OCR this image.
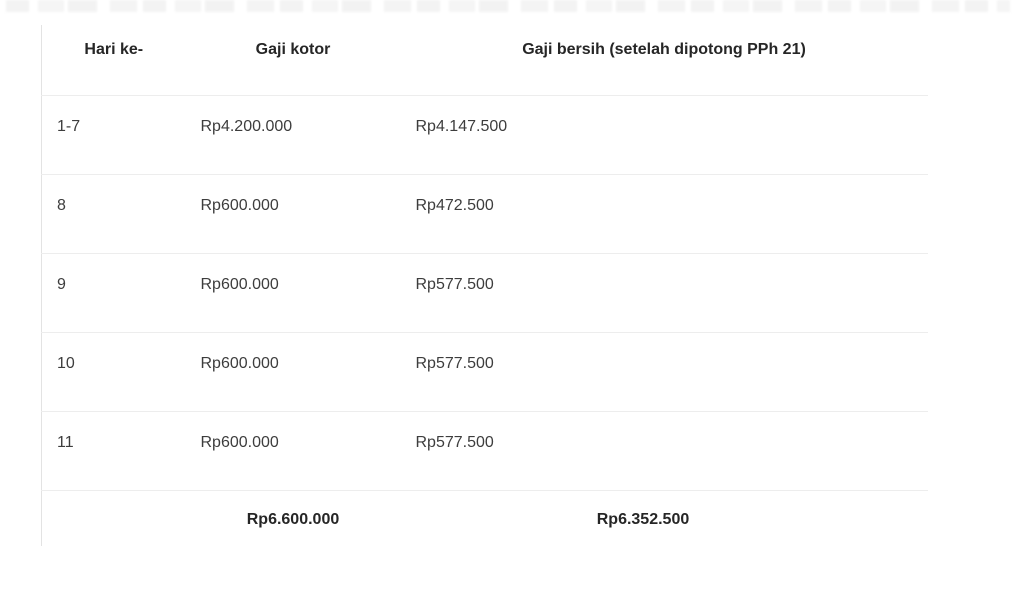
Hari ke-	Gaji kotor	Gaji bersih (setelah dipotong PPh 21)
1-7	Rp4.200.000	Rp4.147.500
8	Rp600.000	Rp472.500
9	Rp600.000	Rp577.500
10	Rp600.000	Rp577.500
11	Rp600.000	Rp577.500
	Rp6.600.000	Rp6.352.500
